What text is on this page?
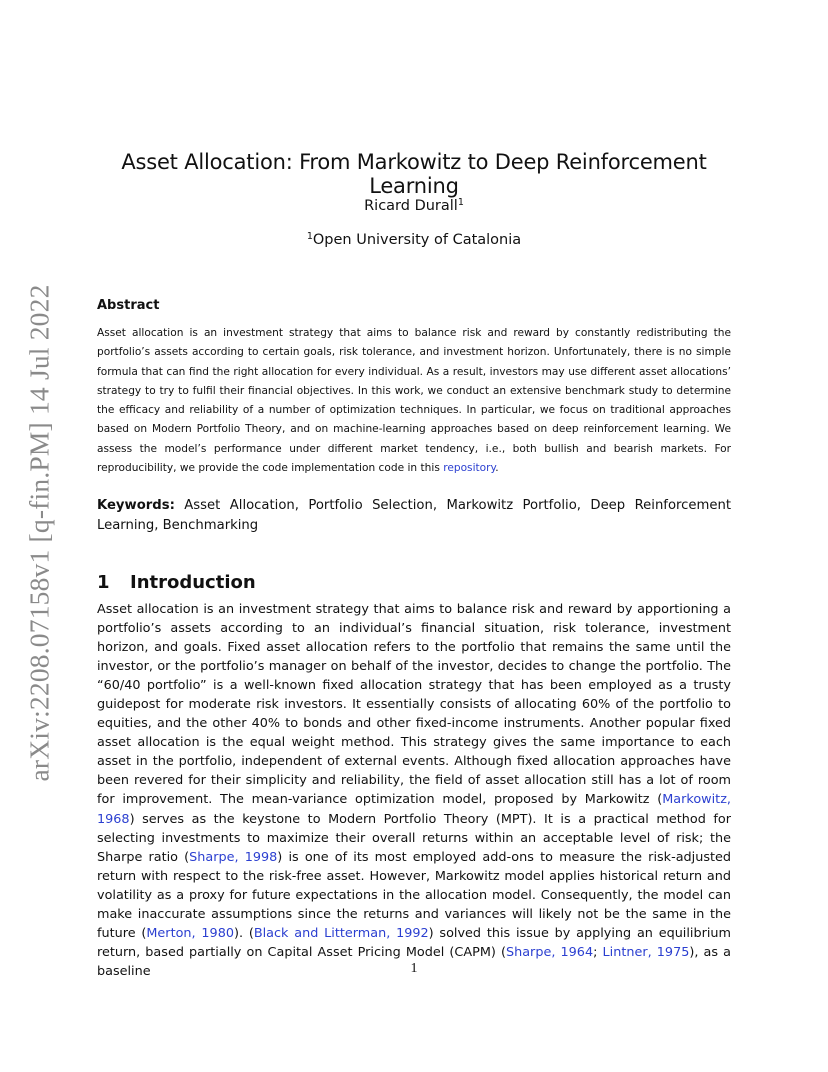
arXiv:2208.07158v1 [q-fin.PM] 14 Jul 2022
Asset Allocation: From Markowitz to Deep Reinforcement Learning
Ricard Durall$^1$
$^1$Open University of Catalonia
Abstract

Asset allocation is an investment strategy that aims to balance risk and reward by constantly redistributing the portfolio’s assets according to certain goals, risk tolerance, and investment horizon. Unfortunately, there is no simple formula that can find the right allocation for every individual. As a result, investors may use different asset allocations’ strategy to try to fulfil their financial objectives. In this work, we conduct an extensive benchmark study to determine the efficacy and reliability of a number of optimization techniques. In particular, we focus on traditional approaches based on Modern Portfolio Theory, and on machine-learning approaches based on deep reinforcement learning. We assess the model’s performance under different market tendency, i.e., both bullish and bearish markets. For reproducibility, we provide the code implementation code in this repository.

Keywords: Asset Allocation, Portfolio Selection, Markowitz Portfolio, Deep Reinforcement Learning, Benchmarking

1 Introduction

Asset allocation is an investment strategy that aims to balance risk and reward by apportioning a portfolio’s assets according to an individual’s financial situation, risk tolerance, investment horizon, and goals. Fixed asset allocation refers to the portfolio that remains the same until the investor, or the portfolio’s manager on behalf of the investor, decides to change the portfolio. The “60/40 portfolio” is a well-known fixed allocation strategy that has been employed as a trusty guidepost for moderate risk investors. It essentially consists of allocating 60% of the portfolio to equities, and the other 40% to bonds and other fixed-income instruments. Another popular fixed asset allocation is the equal weight method. This strategy gives the same importance to each asset in the portfolio, independent of external events. Although fixed allocation approaches have been revered for their simplicity and reliability, the field of asset allocation still has a lot of room for improvement. The mean-variance optimization model, proposed by Markowitz (Markowitz, 1968) serves as the keystone to Modern Portfolio Theory (MPT). It is a practical method for selecting investments to maximize their overall returns within an acceptable level of risk; the Sharpe ratio (Sharpe, 1998) is one of its most employed add-ons to measure the risk-adjusted return with respect to the risk-free asset. However, Markowitz model applies historical return and volatility as a proxy for future expectations in the allocation model. Consequently, the model can make inaccurate assumptions since the returns and variances will likely not be the same in the future (Merton, 1980). (Black and Litterman, 1992) solved this issue by applying an equilibrium return, based partially on Capital Asset Pricing Model (CAPM) (Sharpe, 1964; Lintner, 1975), as a baseline	1
